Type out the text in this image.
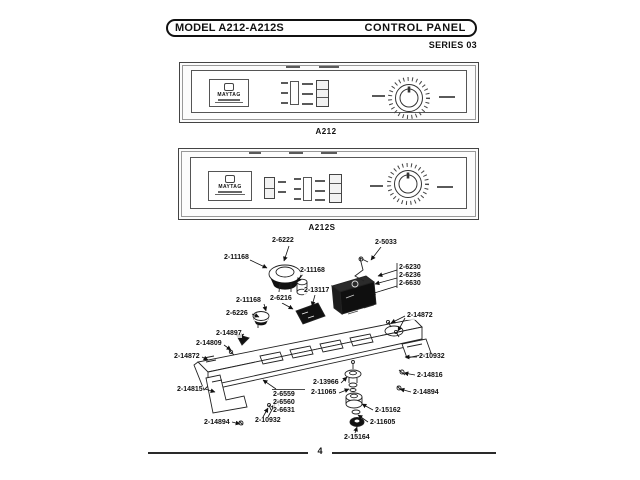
MODEL A212-A212S	CONTROL PANEL
SERIES 03
MAYTAG
A212
MAYTAG
A212S
2-6222
2-11168
2-11168
2-5033
2-6230
2-6236
2-6630
2-13117
2-6216
2-11168
2-6226	2-14872
2-14897
2-14809
2-14872	2-10932
2-14816
2-14894
2-13966
2-11065
2-15162
2-11605
2-15164
2-14815
2-6559
2-6560
2-6631
2-14894	2-10932
4
